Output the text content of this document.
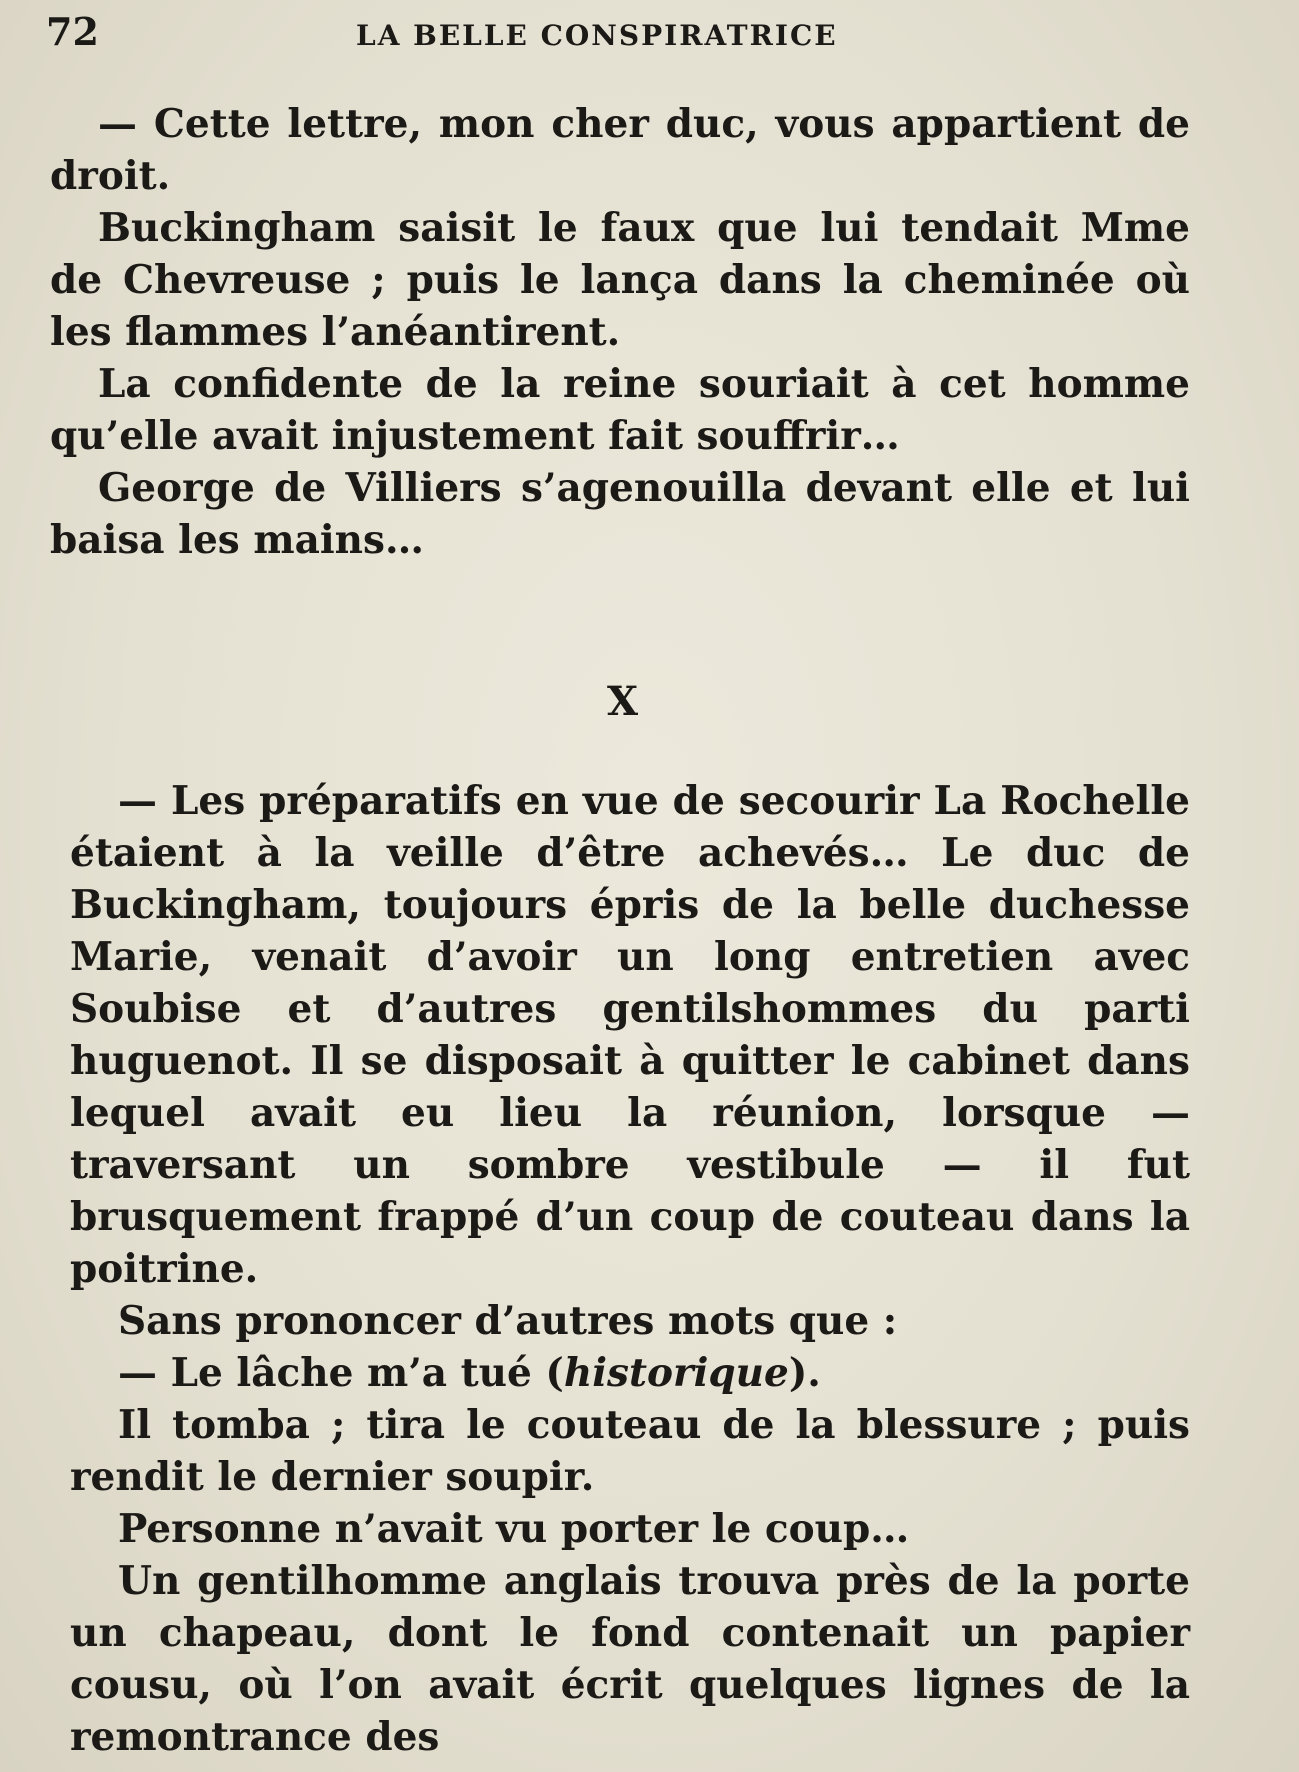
72	LA BELLE CONSPIRATRICE

— Cette lettre, mon cher duc, vous appartient de droit.

Buckingham saisit le faux que lui tendait Mme de Chevreuse ; puis le lança dans la cheminée où les flammes l’anéantirent.

La confidente de la reine souriait à cet homme qu’elle avait injustement fait souffrir…

George de Villiers s’agenouilla devant elle et lui baisa les mains…

X

— Les préparatifs en vue de secourir La Rochelle étaient à la veille d’être achevés… Le duc de Buckingham, toujours épris de la belle duchesse Marie, venait d’avoir un long entretien avec Soubise et d’autres gentilshommes du parti huguenot. Il se disposait à quitter le cabinet dans lequel avait eu lieu la réunion, lorsque — traversant un sombre vestibule — il fut brusquement frappé d’un coup de couteau dans la poitrine.

Sans prononcer d’autres mots que :

— Le lâche m’a tué (historique).

Il tomba ; tira le couteau de la blessure ; puis rendit le dernier soupir.

Personne n’avait vu porter le coup…

Un gentilhomme anglais trouva près de la porte un chapeau, dont le fond contenait un papier cousu, où l’on avait écrit quelques lignes de la remontrance des
